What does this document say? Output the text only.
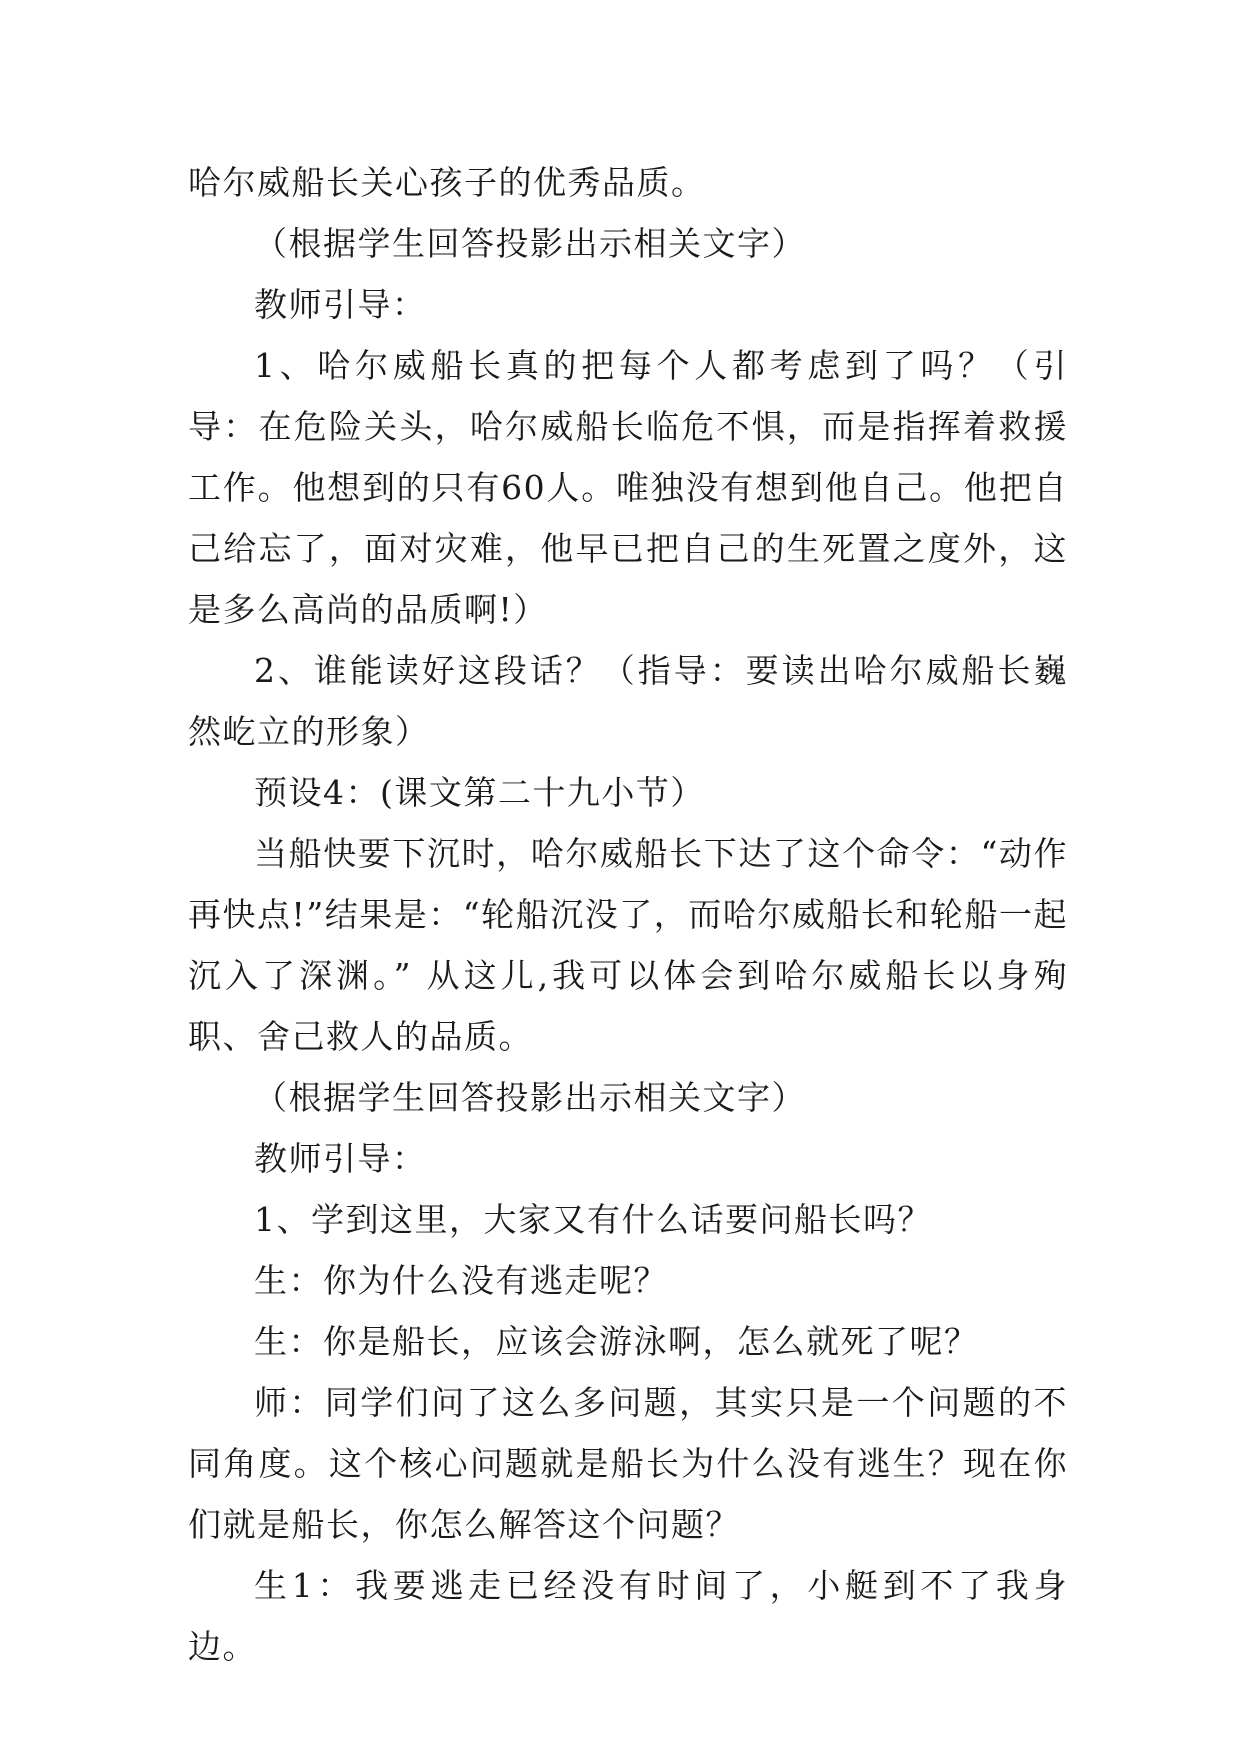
哈尔威船长关心孩子的优秀品质。

（根据学生回答投影出示相关文字）

教师引导：

1、哈尔威船长真的把每个人都考虑到了吗？（引导：在危险关头，哈尔威船长临危不惧，而是指挥着救援工作。他想到的只有60人。唯独没有想到他自己。他把自己给忘了，面对灾难，他早已把自己的生死置之度外，这是多么高尚的品质啊!）

2、谁能读好这段话？（指导：要读出哈尔威船长巍然屹立的形象）

预设4：(课文第二十九小节）

当船快要下沉时，哈尔威船长下达了这个命令：“动作再快点!”结果是：“轮船沉没了，而哈尔威船长和轮船一起沉入了深渊。” 从这儿,我可以体会到哈尔威船长以身殉职、舍己救人的品质。

（根据学生回答投影出示相关文字）

教师引导：

1、学到这里，大家又有什么话要问船长吗？

生：你为什么没有逃走呢？

生：你是船长，应该会游泳啊，怎么就死了呢？

师：同学们问了这么多问题，其实只是一个问题的不同角度。这个核心问题就是船长为什么没有逃生？现在你们就是船长，你怎么解答这个问题？

生1：我要逃走已经没有时间了，小艇到不了我身边。
